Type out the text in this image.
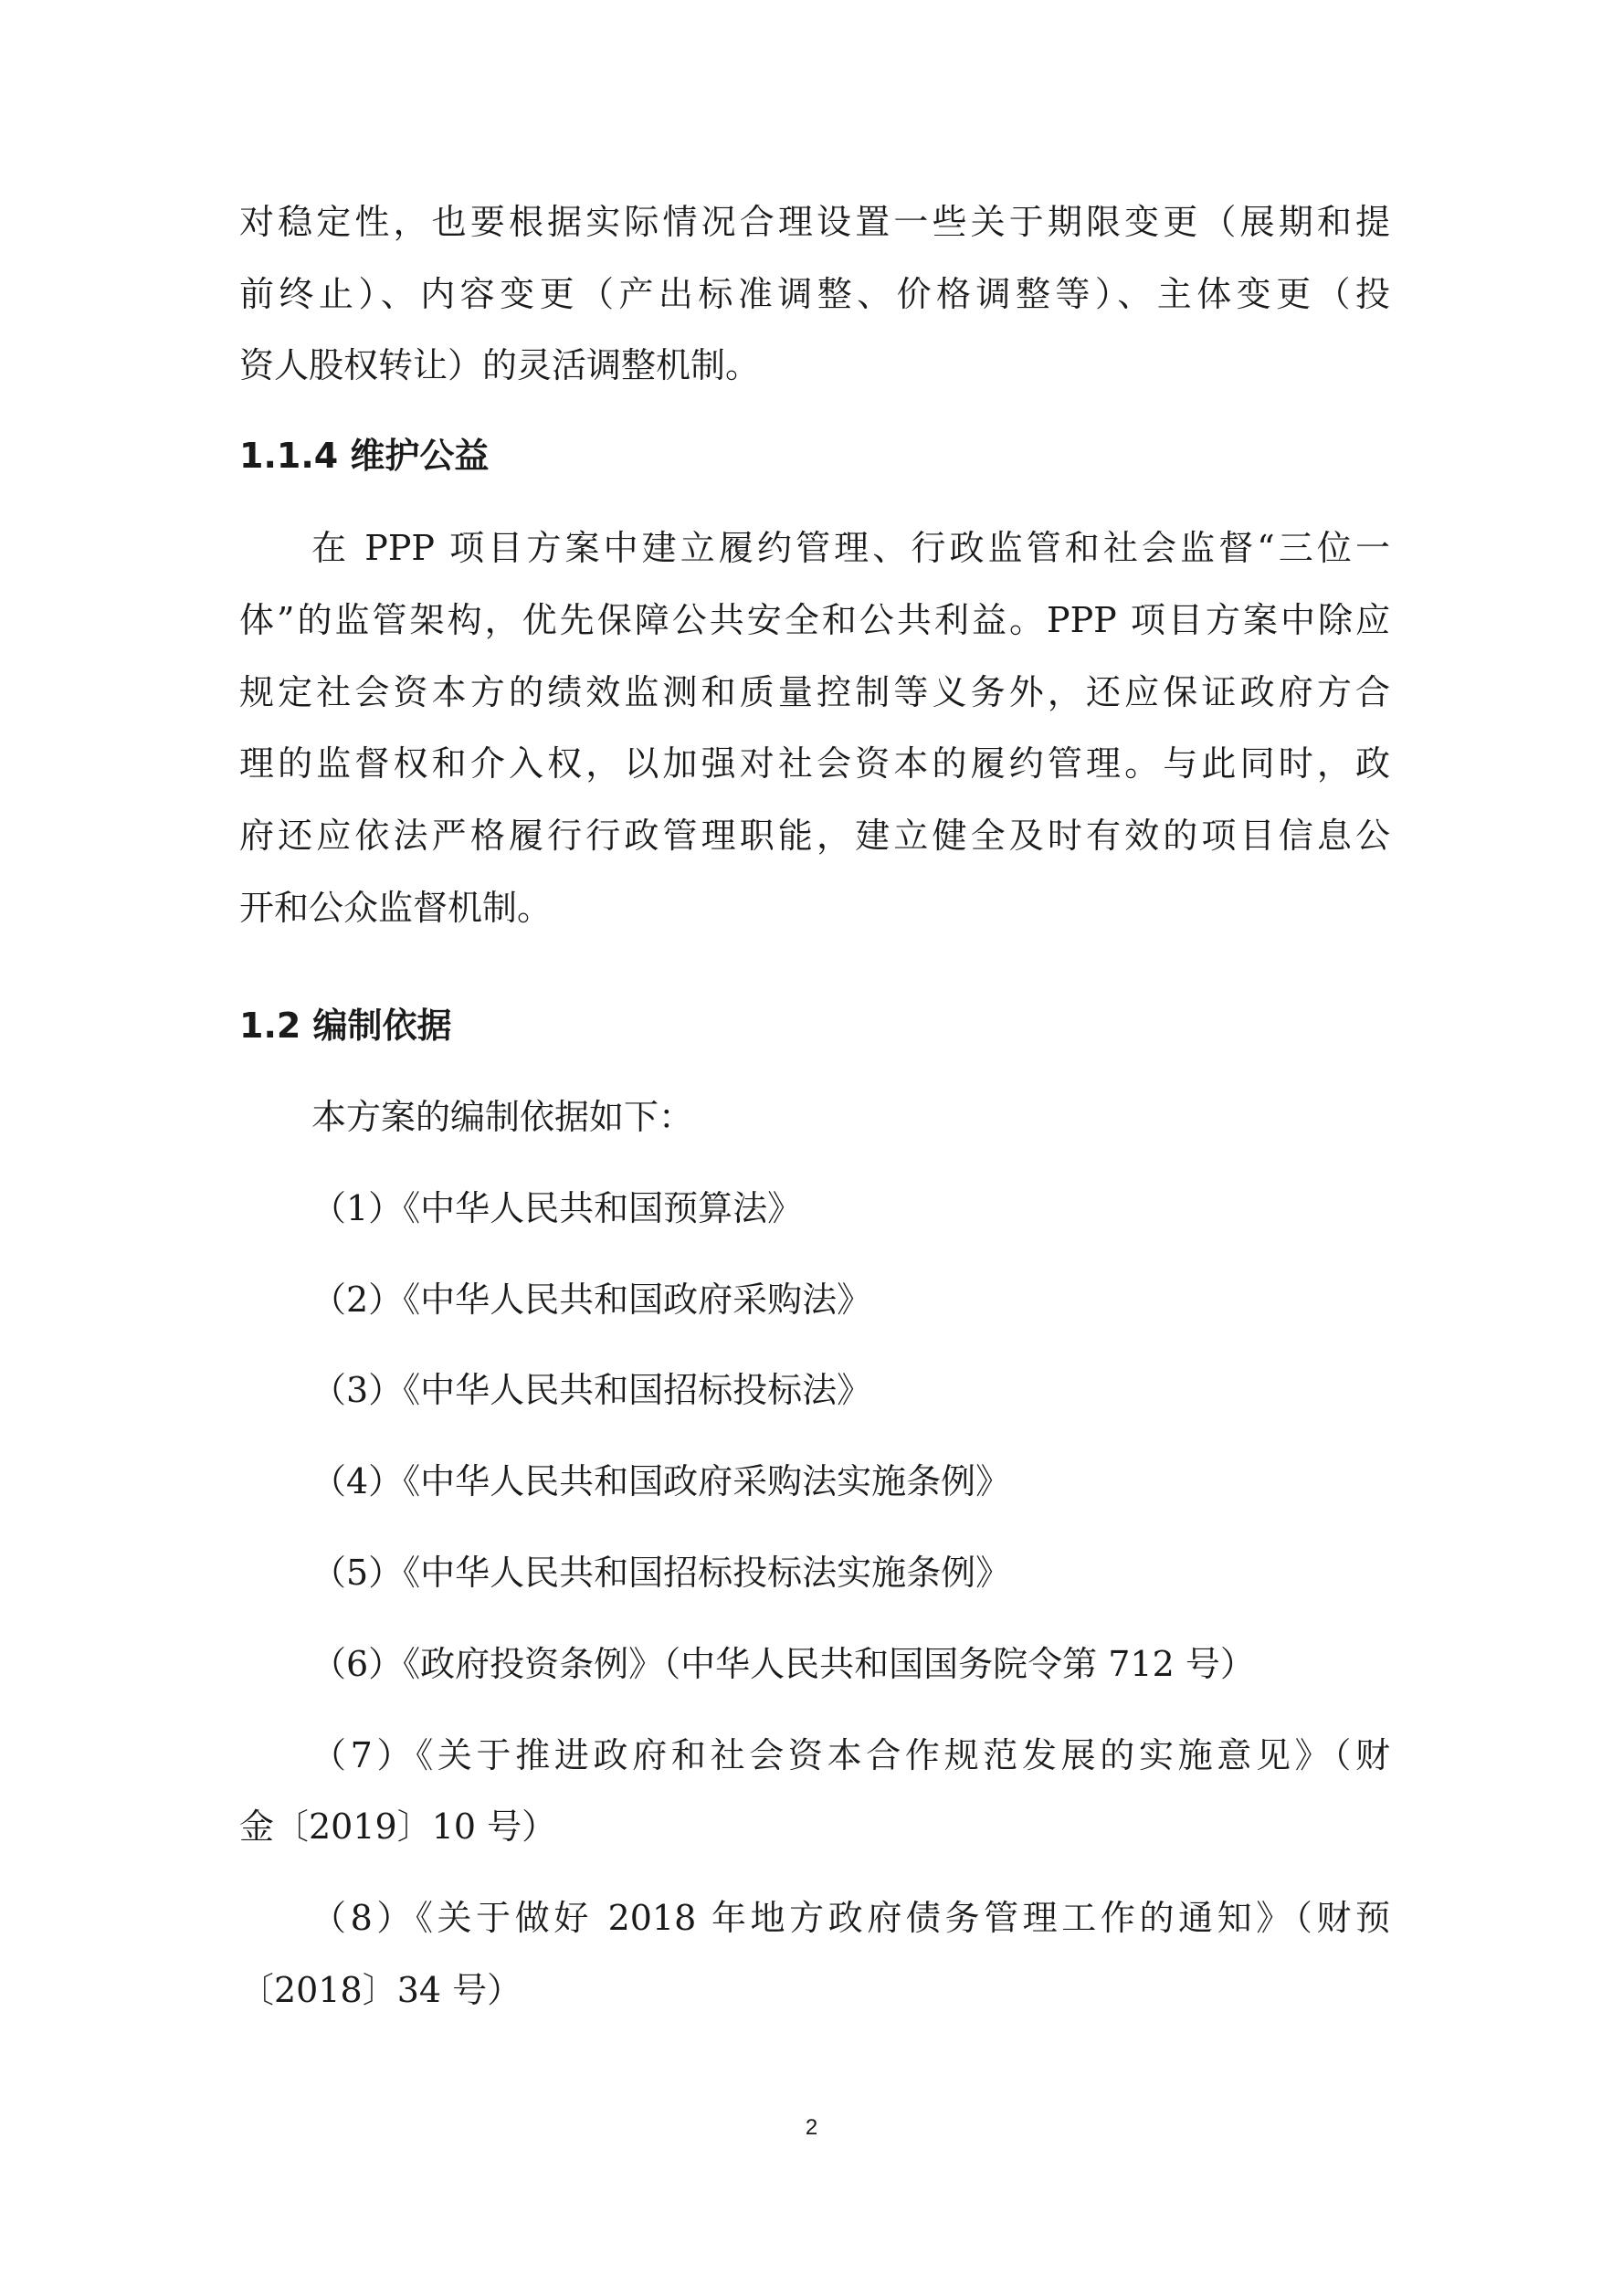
对稳定性，也要根据实际情况合理设置一些关于期限变更（展期和提
前终止）、内容变更（产出标准调整、价格调整等）、主体变更（投
资人股权转让）的灵活调整机制。
1.1.4 维护公益
在 PPP 项目方案中建立履约管理、行政监管和社会监督“三位一
体”的监管架构，优先保障公共安全和公共利益。PPP 项目方案中除应
规定社会资本方的绩效监测和质量控制等义务外，还应保证政府方合
理的监督权和介入权，以加强对社会资本的履约管理。与此同时，政
府还应依法严格履行行政管理职能，建立健全及时有效的项目信息公
开和公众监督机制。
1.2 编制依据
本方案的编制依据如下：
（1）《中华人民共和国预算法》
（2）《中华人民共和国政府采购法》
（3）《中华人民共和国招标投标法》
（4）《中华人民共和国政府采购法实施条例》
（5）《中华人民共和国招标投标法实施条例》
（6）《政府投资条例》（中华人民共和国国务院令第 712 号）
（7）《关于推进政府和社会资本合作规范发展的实施意见》（财
金〔2019〕10 号）
（8）《关于做好 2018 年地方政府债务管理工作的通知》（财预
〔2018〕34 号）
2
